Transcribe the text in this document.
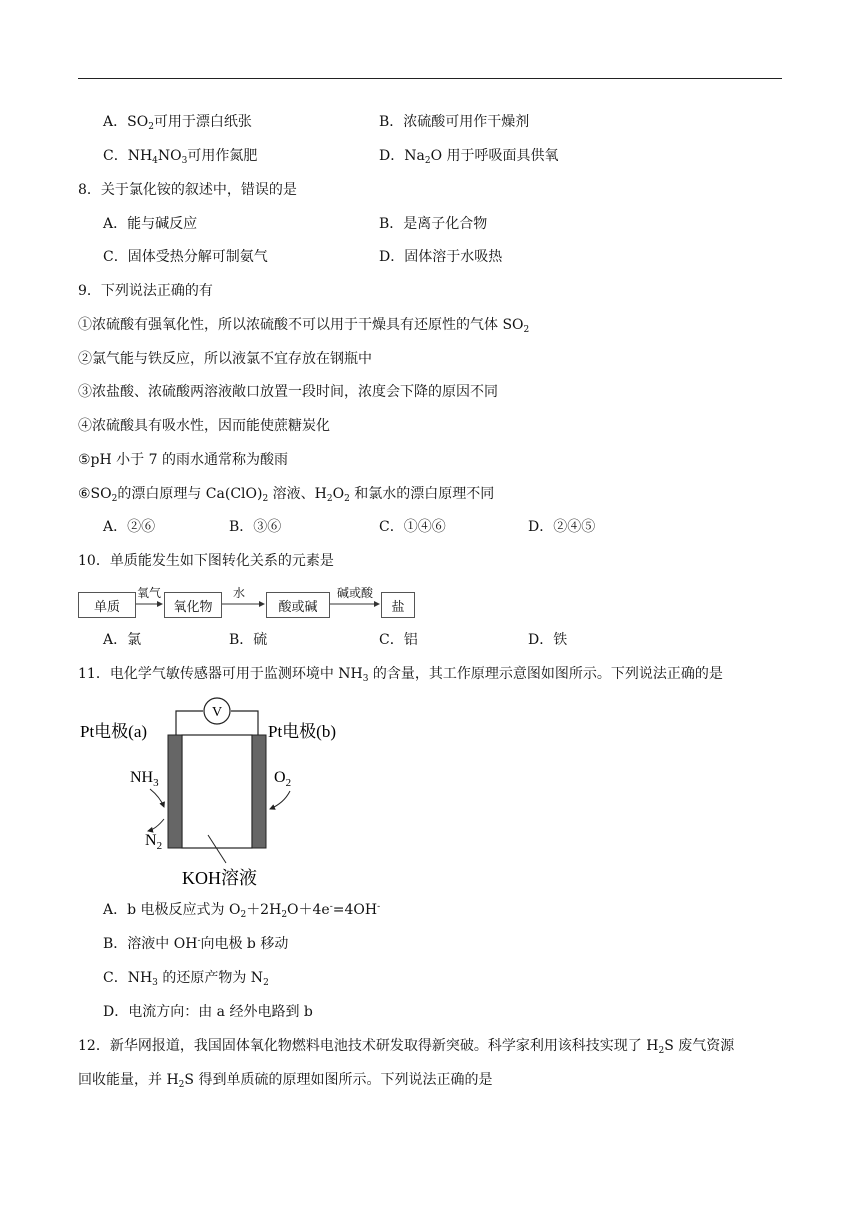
A．$SO_2$可用于漂白纸张	B．浓硫酸可用作干燥剂
C．$NH_4NO_3$可用作氮肥	D．$Na_2O$ 用于呼吸面具供氧
8．关于氯化铵的叙述中，错误的是
A．能与碱反应	B．是离子化合物
C．固体受热分解可制氨气	D．固体溶于水吸热
9．下列说法正确的有
①浓硫酸有强氧化性，所以浓硫酸不可以用于干燥具有还原性的气体 $SO_2$
②氯气能与铁反应，所以液氯不宜存放在钢瓶中
③浓盐酸、浓硫酸两溶液敞口放置一段时间，浓度会下降的原因不同
④浓硫酸具有吸水性，因而能使蔗糖炭化
⑤pH 小于 7 的雨水通常称为酸雨
$⑥SO_2$的漂白原理与 $Ca(ClO)_2$ 溶液、$H_2O_2$ 和氯水的漂白原理不同
A．②⑥	B．③⑥	C．①④⑥	D．②④⑤
10．单质能发生如下图转化关系的元素是
单质
氧气
氧化物
水
酸或碱
碱或酸
盐
A．氯	B．硫	C．铝	D．铁
11．电化学气敏传感器可用于监测环境中 $NH_3$ 的含量，其工作原理示意图如图所示。下列说法正确的是
V
Pt电极(a)	Pt电极(b)
$NH_3$
$N_2$
$O_2$
KOH溶液
A．b 电极反应式为 $O_2+2H_2O+4e^-=4OH^-$
B．溶液中 OH-向电极 b 移动
C．$NH_3$ 的还原产物为 $N_2$
D．电流方向：由 a 经外电路到 b
12．新华网报道，我国固体氧化物燃料电池技术研发取得新突破。科学家利用该科技实现了 $H_2S$ 废气资源
回收能量，并 $H_2S$ 得到单质硫的原理如图所示。下列说法正确的是
